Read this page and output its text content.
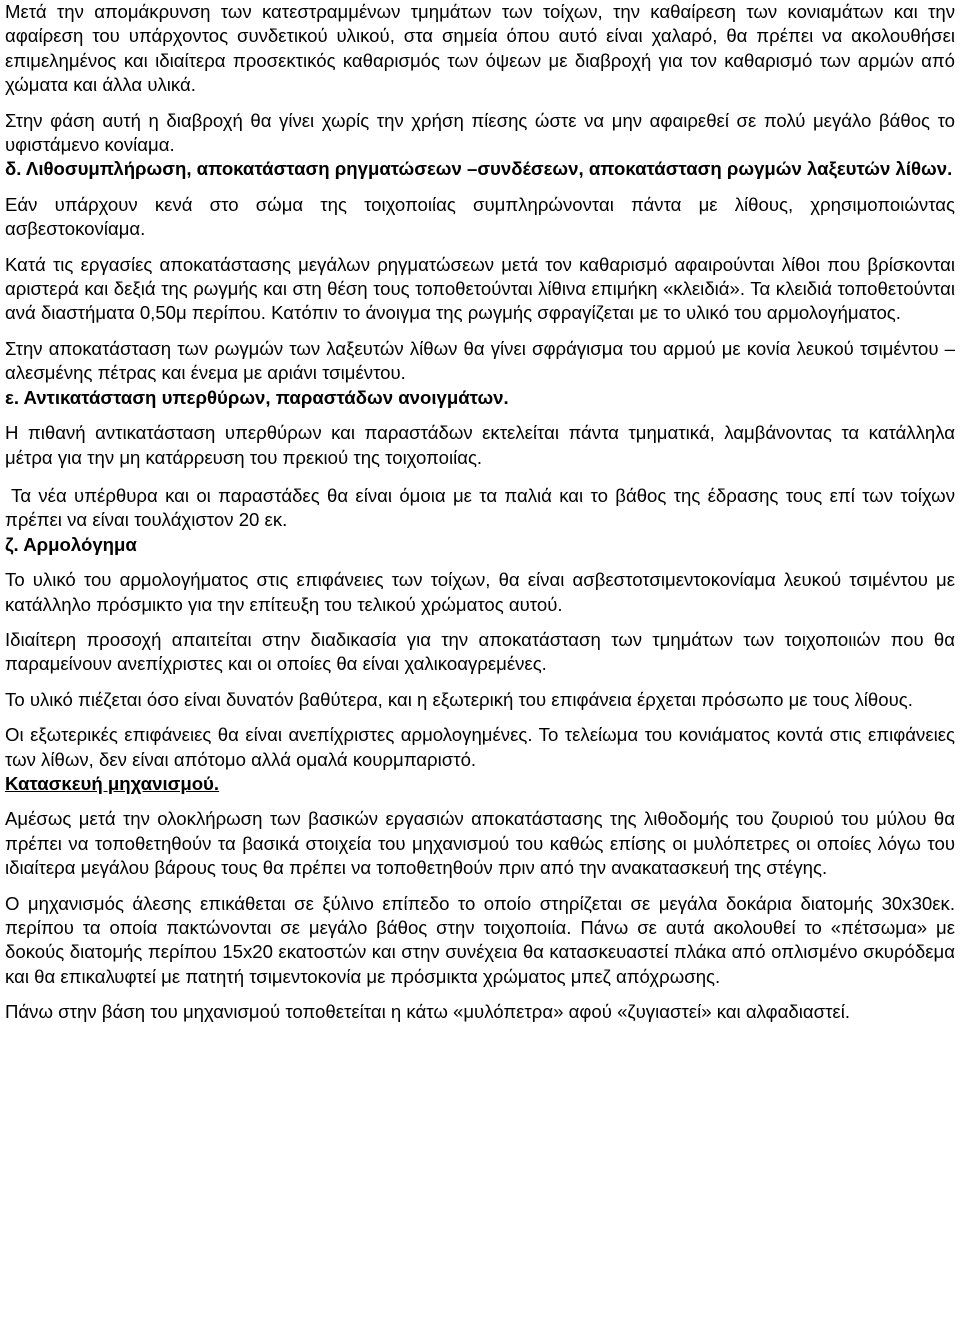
Μετά την απομάκρυνση των κατεστραμμένων τμημάτων των τοίχων, την καθαίρεση των κονιαμάτων και την αφαίρεση του υπάρχοντος συνδετικού υλικού, στα σημεία όπου αυτό είναι χαλαρό, θα πρέπει να ακολουθήσει επιμελημένος και ιδιαίτερα προσεκτικός καθαρισμός των όψεων με διαβροχή για τον καθαρισμό των αρμών από χώματα και άλλα υλικά.

Στην φάση αυτή η διαβροχή θα γίνει χωρίς την χρήση πίεσης ώστε να μην αφαιρεθεί σε πολύ μεγάλο βάθος το υφιστάμενο κονίαμα.

δ. Λιθοσυμπλήρωση, αποκατάσταση ρηγματώσεων –συνδέσεων, αποκατάσταση ρωγμών λαξευτών λίθων.

Εάν υπάρχουν κενά στο σώμα της τοιχοποιίας συμπληρώνονται πάντα με λίθους, χρησιμοποιώντας ασβεστοκονίαμα.

Κατά τις εργασίες αποκατάστασης μεγάλων ρηγματώσεων μετά τον καθαρισμό αφαιρούνται λίθοι που βρίσκονται αριστερά και δεξιά της ρωγμής και στη θέση τους τοποθετούνται λίθινα επιμήκη «κλειδιά». Τα κλειδιά τοποθετούνται ανά διαστήματα 0,50μ περίπου. Κατόπιν το άνοιγμα της ρωγμής σφραγίζεται με το υλικό του αρμολογήματος.

Στην αποκατάσταση των ρωγμών των λαξευτών λίθων θα γίνει σφράγισμα του αρμού με κονία λευκού τσιμέντου – αλεσμένης πέτρας και ένεμα με αριάνι τσιμέντου.

ε. Αντικατάσταση υπερθύρων, παραστάδων ανοιγμάτων.

Η πιθανή αντικατάσταση υπερθύρων και παραστάδων εκτελείται πάντα τμηματικά, λαμβάνοντας τα κατάλληλα μέτρα για την μη κατάρρευση του πρεκιού της τοιχοποιίας.

Τα νέα υπέρθυρα και οι παραστάδες θα είναι όμοια με τα παλιά και το βάθος της έδρασης τους επί των τοίχων πρέπει να είναι τουλάχιστον 20 εκ.

ζ. Αρμολόγημα

Το υλικό του αρμολογήματος στις επιφάνειες των τοίχων, θα είναι ασβεστοτσιμεντοκονίαμα λευκού τσιμέντου με κατάλληλο πρόσμικτο για την επίτευξη του τελικού χρώματος αυτού.

Ιδιαίτερη προσοχή απαιτείται στην διαδικασία για την αποκατάσταση των τμημάτων των τοιχοποιιών που θα παραμείνουν ανεπίχριστες και οι οποίες θα είναι χαλικοαγρεμένες.

Το υλικό πιέζεται όσο είναι δυνατόν βαθύτερα, και η εξωτερική του επιφάνεια έρχεται πρόσωπο με τους λίθους.

Οι εξωτερικές επιφάνειες θα είναι ανεπίχριστες αρμολογημένες. Το τελείωμα του κονιάματος κοντά στις επιφάνειες των λίθων, δεν είναι απότομο αλλά ομαλά κουρμπαριστό.

Κατασκευή μηχανισμού.

Αμέσως μετά την ολοκλήρωση των βασικών εργασιών αποκατάστασης της λιθοδομής του ζουριού του μύλου θα πρέπει να τοποθετηθούν τα βασικά στοιχεία του μηχανισμού του καθώς επίσης οι μυλόπετρες οι οποίες λόγω του ιδιαίτερα μεγάλου βάρους τους θα πρέπει να τοποθετηθούν πριν από την ανακατασκευή της στέγης.

Ο μηχανισμός άλεσης επικάθεται σε ξύλινο επίπεδο το οποίο στηρίζεται σε μεγάλα δοκάρια διατομής 30x30εκ. περίπου τα οποία πακτώνονται σε μεγάλο βάθος στην τοιχοποιία. Πάνω σε αυτά ακολουθεί το «πέτσωμα» με δοκούς διατομής περίπου 15x20 εκατοστών και στην συνέχεια θα κατασκευαστεί πλάκα από οπλισμένο σκυρόδεμα και θα επικαλυφτεί με πατητή τσιμεντοκονία με πρόσμικτα χρώματος μπεζ απόχρωσης.

Πάνω στην βάση του μηχανισμού τοποθετείται η κάτω «μυλόπετρα» αφού «ζυγιαστεί» και αλφαδιαστεί.
